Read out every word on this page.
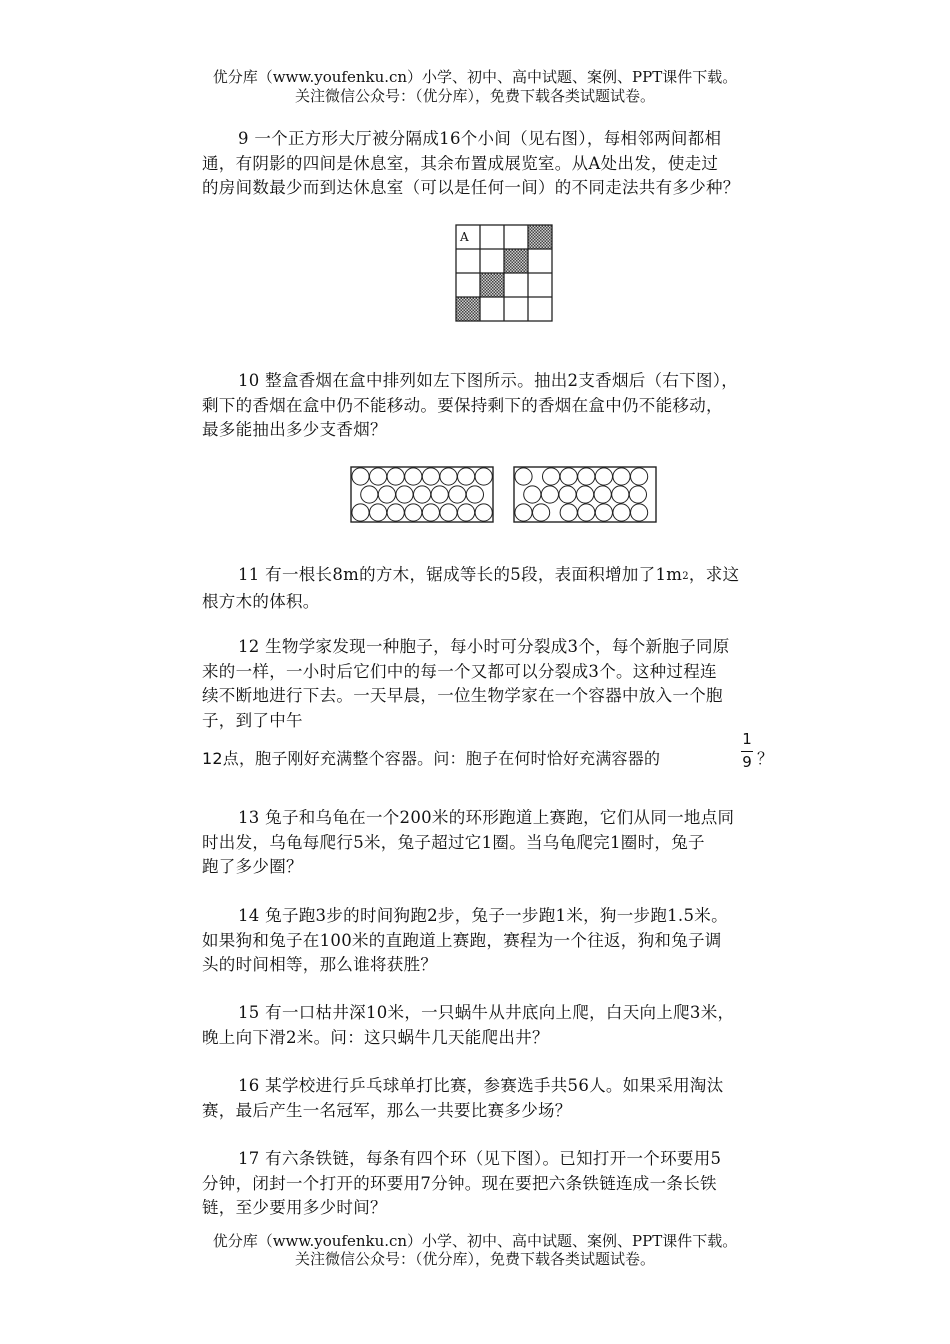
优分库（www.youfenku.cn）小学、初中、高中试题、案例、PPT课件下载。
关注微信公众号：（优分库），免费下载各类试题试卷。
9 一个正方形大厅被分隔成16个小间（见右图），每相邻两间都相
通，有阴影的四间是休息室，其余布置成展览室。从A处出发，使走过
的房间数最少而到达休息室（可以是任何一间）的不同走法共有多少种？
A
10 整盒香烟在盒中排列如左下图所示。抽出2支香烟后（右下图），
剩下的香烟在盒中仍不能移动。要保持剩下的香烟在盒中仍不能移动，
最多能抽出多少支香烟？
11 有一根长8m的方木，锯成等长的5段，表面积增加了1m2，求这
根方木的体积。
12 生物学家发现一种胞子，每小时可分裂成3个，每个新胞子同原
来的一样，一小时后它们中的每一个又都可以分裂成3个。这种过程连
续不断地进行下去。一天早晨，一位生物学家在一个容器中放入一个胞
子，到了中午
12点，胞子刚好充满整个容器。问：胞子在何时恰好充满容器的
1
9 ？
13 兔子和乌龟在一个200米的环形跑道上赛跑，它们从同一地点同
时出发，乌龟每爬行5米，兔子超过它1圈。当乌龟爬完1圈时，兔子
跑了多少圈？
14 兔子跑3步的时间狗跑2步，兔子一步跑1米，狗一步跑1.5米。
如果狗和兔子在100米的直跑道上赛跑，赛程为一个往返，狗和兔子调
头的时间相等，那么谁将获胜？
15 有一口枯井深10米，一只蜗牛从井底向上爬，白天向上爬3米，
晚上向下滑2米。问：这只蜗牛几天能爬出井？
16 某学校进行乒乓球单打比赛，参赛选手共56人。如果采用淘汰
赛，最后产生一名冠军，那么一共要比赛多少场？
17 有六条铁链，每条有四个环（见下图）。已知打开一个环要用5
分钟，闭封一个打开的环要用7分钟。现在要把六条铁链连成一条长铁
链，至少要用多少时间？
优分库（www.youfenku.cn）小学、初中、高中试题、案例、PPT课件下载。
关注微信公众号：（优分库），免费下载各类试题试卷。
